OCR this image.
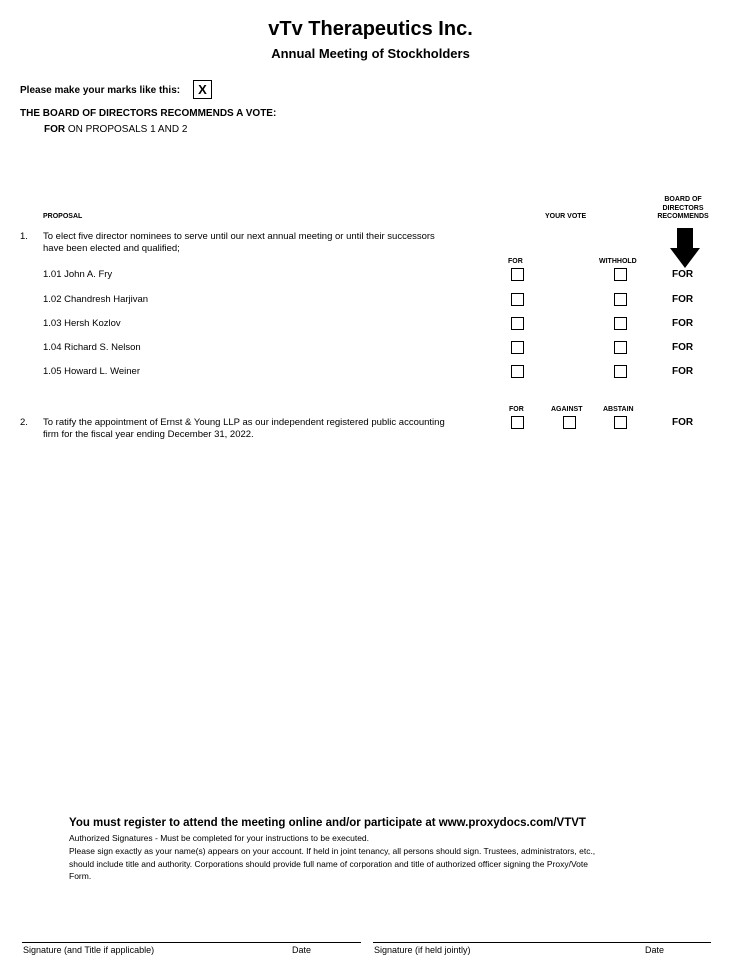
vTv Therapeutics Inc.
Annual Meeting of Stockholders
Please make your marks like this:	X
THE BOARD OF DIRECTORS RECOMMENDS A VOTE:
FOR ON PROPOSALS 1 AND 2
PROPOSAL	YOUR VOTE
BOARD OF
DIRECTORS
RECOMMENDS
1. To elect five director nominees to serve until our next annual meeting or until their successors
have been elected and qualified;
FOR	WITHHOLD
1.01 John A. Fry	FOR
1.02 Chandresh Harjivan	FOR
1.03 Hersh Kozlov	FOR
1.04 Richard S. Nelson	FOR
1.05 Howard L. Weiner	FOR
FOR	AGAINST	ABSTAIN
2. To ratify the appointment of Ernst & Young LLP as our independent registered public accounting
firm for the fiscal year ending December 31, 2022.
FOR
You must register to attend the meeting online and/or participate at www.proxydocs.com/VTVT
Authorized Signatures - Must be completed for your instructions to be executed.
Please sign exactly as your name(s) appears on your account. If held in joint tenancy, all persons should sign. Trustees, administrators, etc.,
should include title and authority. Corporations should provide full name of corporation and title of authorized officer signing the Proxy/Vote
Form.
Signature (and Title if applicable)	Date	Signature (if held jointly)	Date
